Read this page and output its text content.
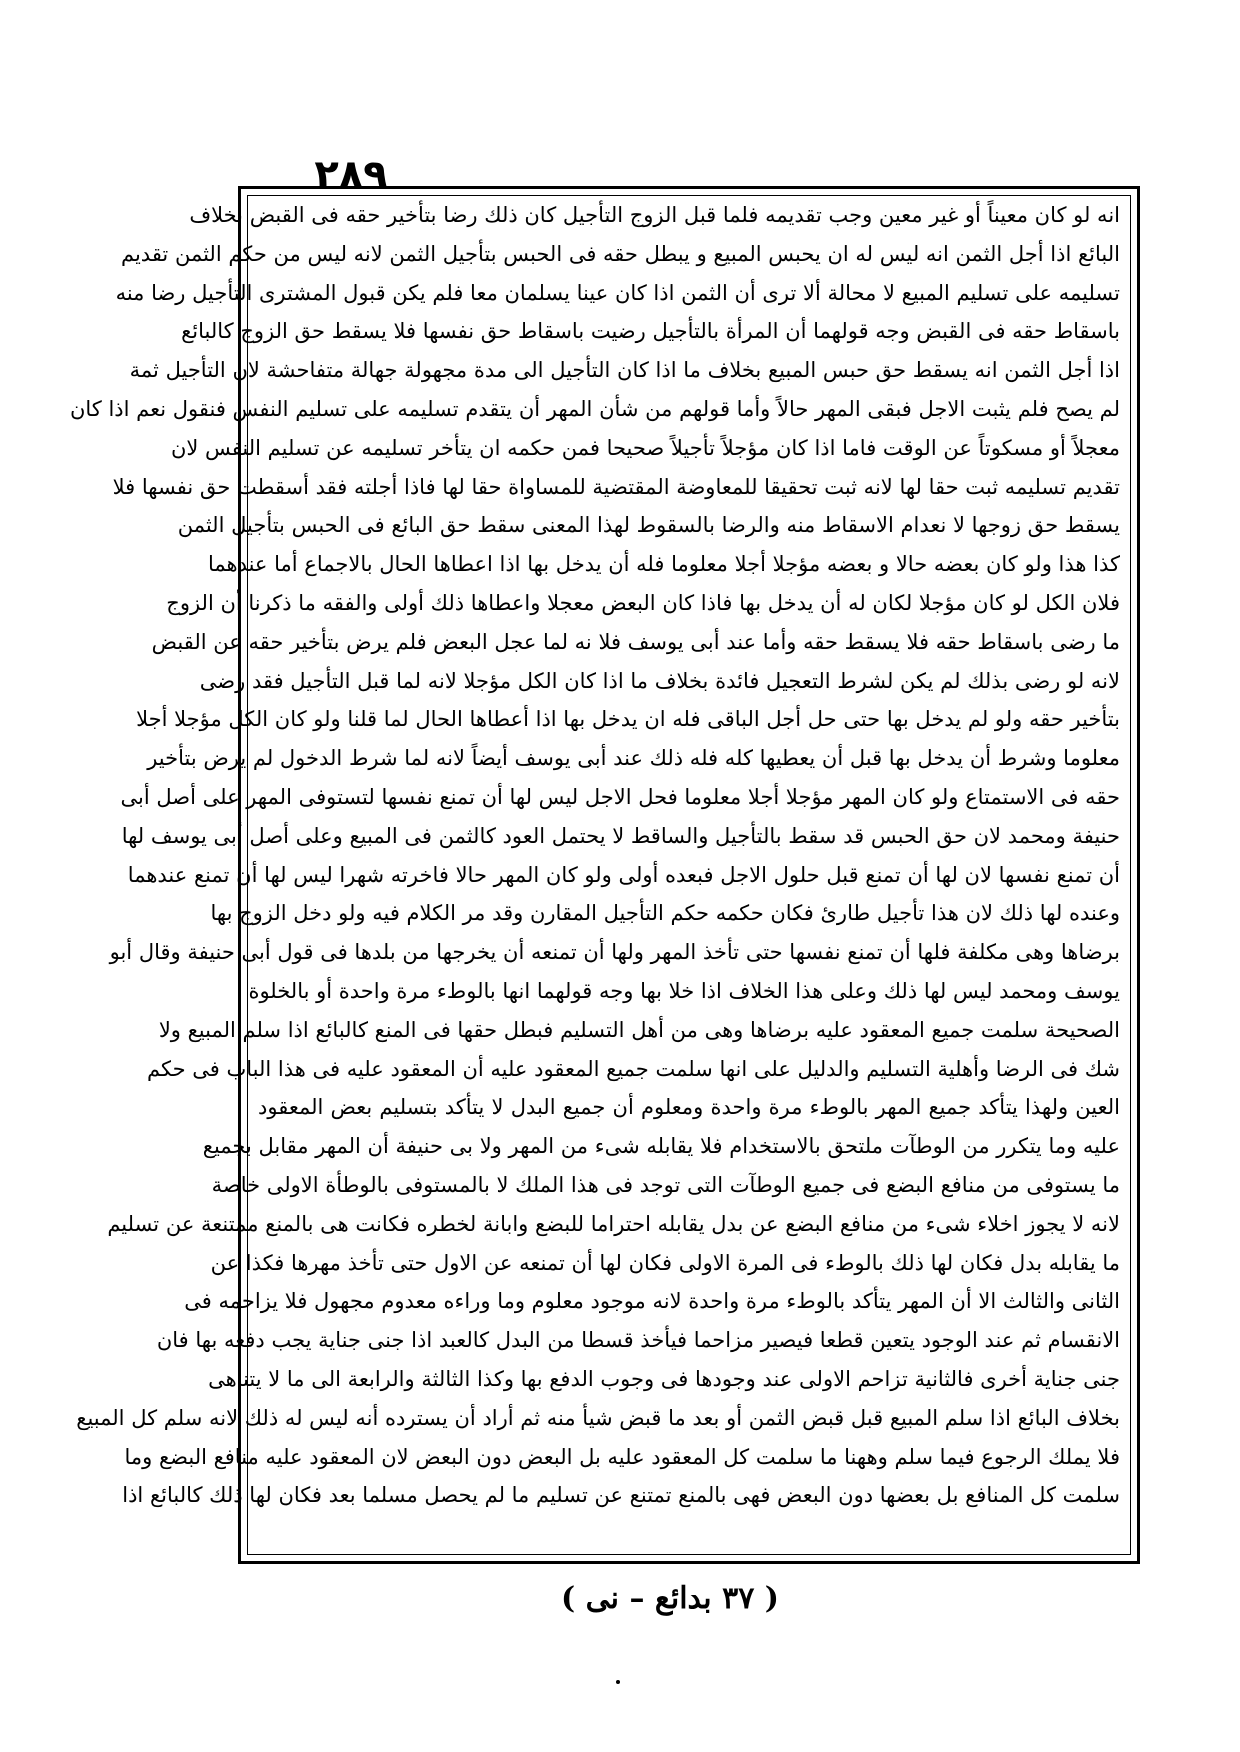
٢٨٩
انه لو كان معيناً أو غير معين وجب تقديمه فلما قبل الزوج التأجيل كان ذلك رضا بتأخير حقه فى القبض بخلاف
البائع اذا أجل الثمن انه ليس له ان يحبس المبيع و يبطل حقه فى الحبس بتأجيل الثمن لانه ليس من حكم الثمن تقديم
تسليمه على تسليم المبيع لا محالة ألا ترى أن الثمن اذا كان عينا يسلمان معا فلم يكن قبول المشترى التأجيل رضا منه
باسقاط حقه فى القبض وجه قولهما أن المرأة بالتأجيل رضيت باسقاط حق نفسها فلا يسقط حق الزوج كالبائع
اذا أجل الثمن انه يسقط حق حبس المبيع بخلاف ما اذا كان التأجيل الى مدة مجهولة جهالة متفاحشة لان التأجيل ثمة
لم يصح فلم يثبت الاجل فبقى المهر حالاً وأما قولهم من شأن المهر أن يتقدم تسليمه على تسليم النفس فنقول نعم اذا كان
معجلاً أو مسكوتاً عن الوقت فاما اذا كان مؤجلاً تأجيلاً صحيحا فمن حكمه ان يتأخر تسليمه عن تسليم النفس لان
تقديم تسليمه ثبت حقا لها لانه ثبت تحقيقا للمعاوضة المقتضية للمساواة حقا لها فاذا أجلته فقد أسقطت حق نفسها فلا
يسقط حق زوجها لا نعدام الاسقاط منه والرضا بالسقوط لهذا المعنى سقط حق البائع فى الحبس بتأجيل الثمن
كذا هذا ولو كان بعضه حالا و بعضه مؤجلا أجلا معلوما فله أن يدخل بها اذا اعطاها الحال بالاجماع أما عندهما
فلان الكل لو كان مؤجلا لكان له أن يدخل بها فاذا كان البعض معجلا واعطاها ذلك أولى والفقه ما ذكرنا أن الزوج
ما رضى باسقاط حقه فلا يسقط حقه وأما عند أبى يوسف فلا نه لما عجل البعض فلم يرض بتأخير حقه عن القبض
لانه لو رضى بذلك لم يكن لشرط التعجيل فائدة بخلاف ما اذا كان الكل مؤجلا لانه لما قبل التأجيل فقد رضى
بتأخير حقه ولو لم يدخل بها حتى حل أجل الباقى فله ان يدخل بها اذا أعطاها الحال لما قلنا ولو كان الكل مؤجلا أجلا
معلوما وشرط أن يدخل بها قبل أن يعطيها كله فله ذلك عند أبى يوسف أيضاً لانه لما شرط الدخول لم يرض بتأخير
حقه فى الاستمتاع ولو كان المهر مؤجلا أجلا معلوما فحل الاجل ليس لها أن تمنع نفسها لتستوفى المهر على أصل أبى
حنيفة ومحمد لان حق الحبس قد سقط بالتأجيل والساقط لا يحتمل العود كالثمن فى المبيع وعلى أصل أبى يوسف لها
أن تمنع نفسها لان لها أن تمنع قبل حلول الاجل فبعده أولى ولو كان المهر حالا فاخرته شهرا ليس لها أن تمنع عندهما
وعنده لها ذلك لان هذا تأجيل طارئ فكان حكمه حكم التأجيل المقارن وقد مر الكلام فيه ولو دخل الزوج بها
برضاها وهى مكلفة فلها أن تمنع نفسها حتى تأخذ المهر ولها أن تمنعه أن يخرجها من بلدها فى قول أبى حنيفة وقال أبو
يوسف ومحمد ليس لها ذلك وعلى هذا الخلاف اذا خلا بها وجه قولهما انها بالوطء مرة واحدة أو بالخلوة
الصحيحة سلمت جميع المعقود عليه برضاها وهى من أهل التسليم فبطل حقها فى المنع كالبائع اذا سلم المبيع ولا
شك فى الرضا وأهلية التسليم والدليل على انها سلمت جميع المعقود عليه أن المعقود عليه فى هذا الباب فى حكم
العين ولهذا يتأكد جميع المهر بالوطء مرة واحدة ومعلوم أن جميع البدل لا يتأكد بتسليم بعض المعقود
عليه وما يتكرر من الوطآت ملتحق بالاستخدام فلا يقابله شىء من المهر ولا بى حنيفة أن المهر مقابل بجميع
ما يستوفى من منافع البضع فى جميع الوطآت التى توجد فى هذا الملك لا بالمستوفى بالوطأة الاولى خاصة
لانه لا يجوز اخلاء شىء من منافع البضع عن بدل يقابله احتراما للبضع وابانة لخطره فكانت هى بالمنع ممتنعة عن تسليم
ما يقابله بدل فكان لها ذلك بالوطء فى المرة الاولى فكان لها أن تمنعه عن الاول حتى تأخذ مهرها فكذا عن
الثانى والثالث الا أن المهر يتأكد بالوطء مرة واحدة لانه موجود معلوم وما وراءه معدوم مجهول فلا يزاحمه فى
الانقسام ثم عند الوجود يتعين قطعا فيصير مزاحما فيأخذ قسطا من البدل كالعبد اذا جنى جناية يجب دفعه بها فان
جنى جناية أخرى فالثانية تزاحم الاولى عند وجودها فى وجوب الدفع بها وكذا الثالثة والرابعة الى ما لا يتناهى
بخلاف البائع اذا سلم المبيع قبل قبض الثمن أو بعد ما قبض شيأ منه ثم أراد أن يسترده أنه ليس له ذلك لانه سلم كل المبيع
فلا يملك الرجوع فيما سلم وههنا ما سلمت كل المعقود عليه بل البعض دون البعض لان المعقود عليه منافع البضع وما
سلمت كل المنافع بل بعضها دون البعض فهى بالمنع تمتنع عن تسليم ما لم يحصل مسلما بعد فكان لها ذلك كالبائع اذا
( ٣٧ بدائع – نى )
